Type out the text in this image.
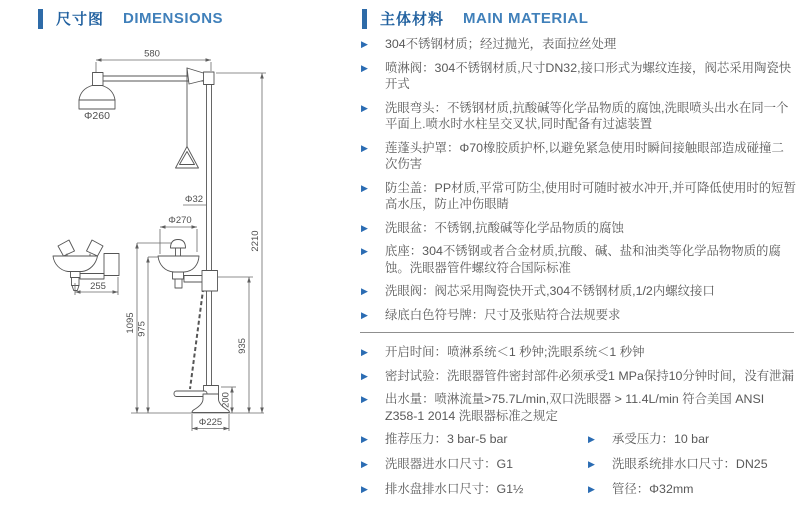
尺寸图 DIMENSIONS	主体材料 MAIN MATERIAL
580
Φ260
Φ32
Φ270
1095 975
935
2210
200
Φ225
255
▶	304不锈钢材质；经过抛光，表面拉丝处理
▶	喷淋阀：304不锈钢材质,尺寸DN32,接口形式为螺纹连接，阀芯采用陶瓷快开式
▶	洗眼弯头：不锈钢材质,抗酸碱等化学品物质的腐蚀,洗眼喷头出水在同一个平面上.喷水时水柱呈交叉状,同时配备有过滤装置
▶	莲蓬头护罩：Φ70橡胶质护杯,以避免紧急使用时瞬间接触眼部造成碰撞二次伤害
▶	防尘盖：PP材质,平常可防尘,使用时可随时被水冲开,并可降低使用时的短暂高水压，防止冲伤眼睛
▶	洗眼盆：不锈钢,抗酸碱等化学品物质的腐蚀
▶	底座：304不锈钢或者合金材质,抗酸、碱、盐和油类等化学品物物质的腐蚀。洗眼器管件螺纹符合国际标准
▶	洗眼阀：阀芯采用陶瓷快开式,304不锈钢材质,1/2内螺纹接口
▶	绿底白色符号牌：尺寸及张贴符合法规要求
▶	开启时间：喷淋系统＜1 秒钟;洗眼系统＜1 秒钟
▶	密封试验：洗眼器管件密封部件必须承受1 MPa保持10分钟时间，没有泄漏
▶	出水量：喷淋流量>75.7L/min,双口洗眼器 > 11.4L/min 符合美国 ANSI Z358-1 2014 洗眼器标准之规定
▶	推荐压力：3 bar-5 bar
▶	洗眼器进水口尺寸：G1
▶	排水盘排水口尺寸：G1½
▶	承受压力：10 bar
▶	洗眼系统排水口尺寸：DN25
▶	管径：Φ32mm
